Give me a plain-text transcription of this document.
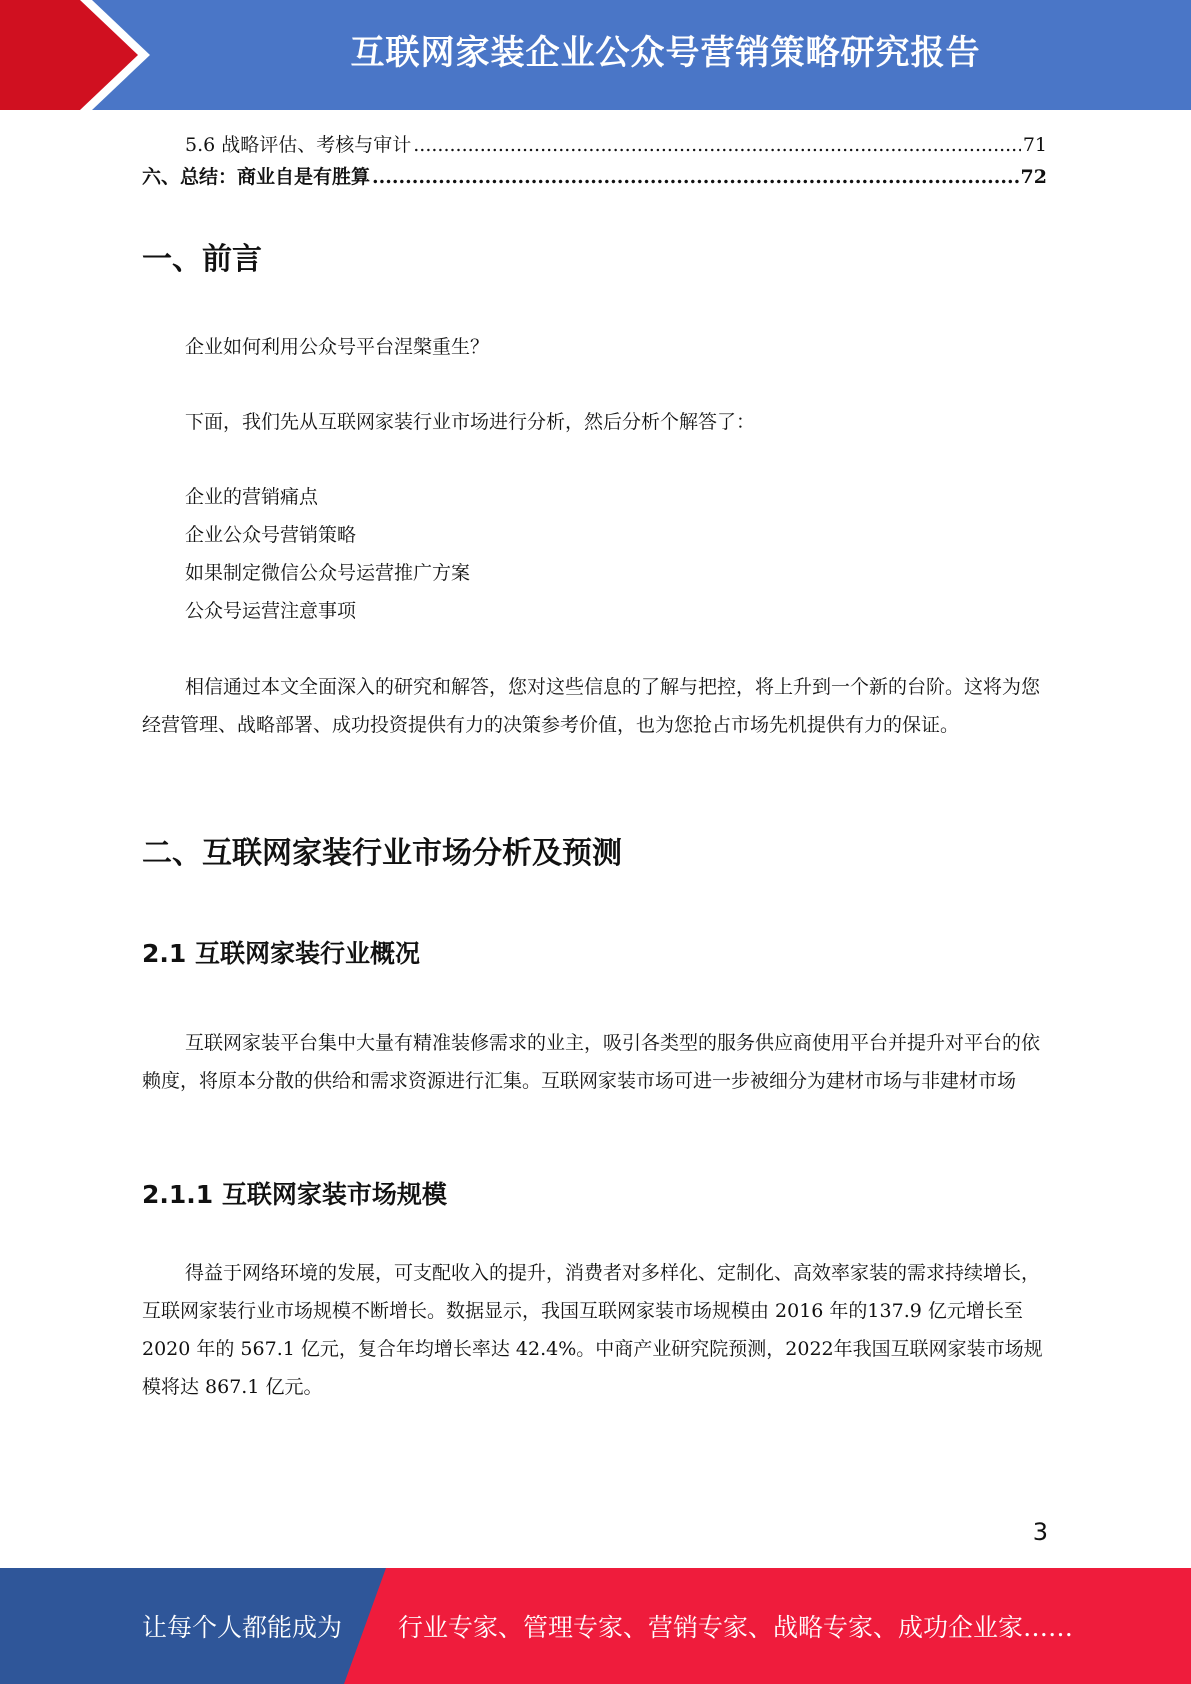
互联网家装企业公众号营销策略研究报告
5.6 战略评估、考核与审计 .....	71
六、总结：商业自是有胜算 .....	72
一、前言

企业如何利用公众号平台涅槃重生？

下面，我们先从互联网家装行业市场进行分析，然后分析个解答了：

企业的营销痛点

企业公众号营销策略

如果制定微信公众号运营推广方案

公众号运营注意事项

相信通过本文全面深入的研究和解答，您对这些信息的了解与把控，将上升到一个新的台阶。这将为您经营管理、战略部署、成功投资提供有力的决策参考价值，也为您抢占市场先机提供有力的保证。

二、互联网家装行业市场分析及预测
2.1 互联网家装行业概况

互联网家装平台集中大量有精准装修需求的业主，吸引各类型的服务供应商使用平台并提升对平台的依赖度，将原本分散的供给和需求资源进行汇集。互联网家装市场可进一步被细分为建材市场与非建材市场

2.1.1 互联网家装市场规模

得益于网络环境的发展，可支配收入的提升，消费者对多样化、定制化、高效率家装的需求持续增长，互联网家装行业市场规模不断增长。数据显示，我国互联网家装市场规模由 2016 年的137.9 亿元增长至 2020 年的 567.1 亿元，复合年均增长率达 42.4%。中商产业研究院预测，2022年我国互联网家装市场规模将达 867.1 亿元。

3
让每个人都能成为 行业专家、管理专家、营销专家、战略专家、成功企业家……
